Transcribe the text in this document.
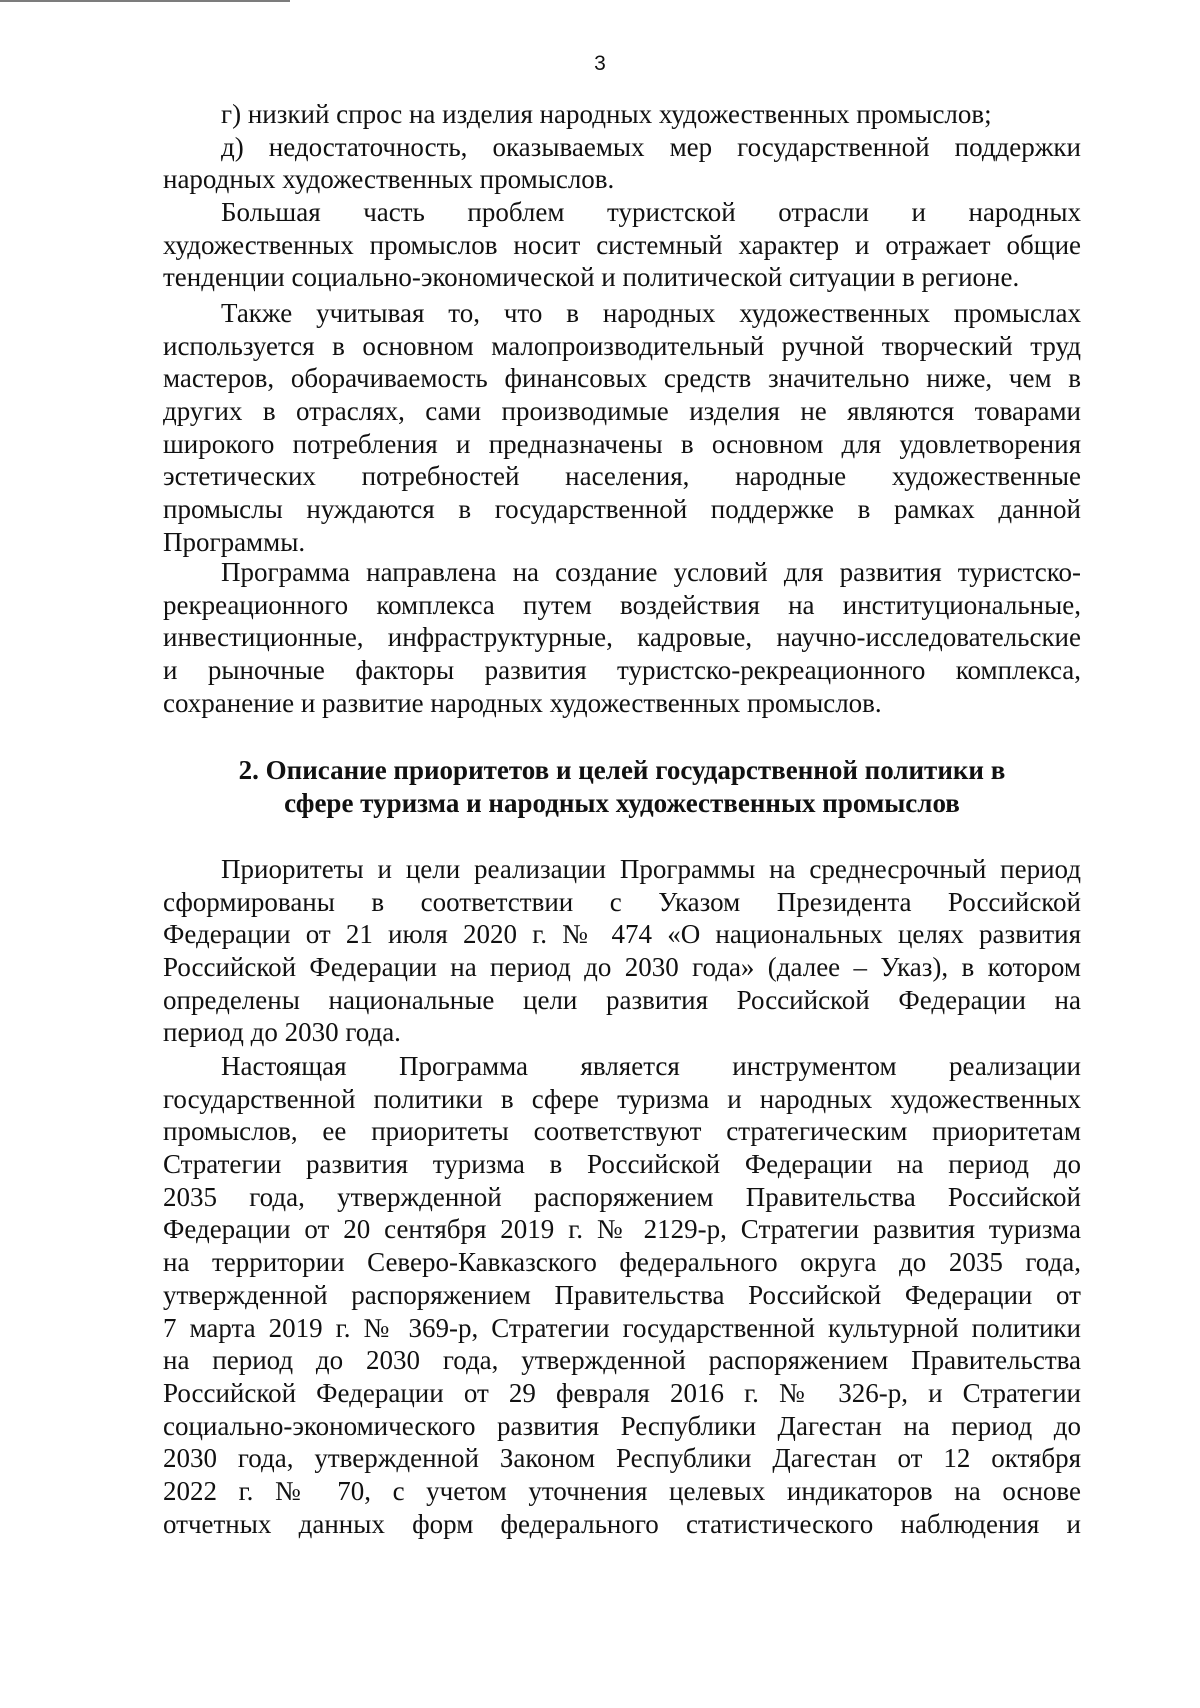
3
г) низкий спрос на изделия народных художественных промыслов;
д) недостаточность, оказываемых мер государственной поддержки
народных художественных промыслов.
Большая часть проблем туристской отрасли и народных
художественных промыслов носит системный характер и отражает общие
тенденции социально-экономической и политической ситуации в регионе.
Также учитывая то, что в народных художественных промыслах
используется в основном малопроизводительный ручной творческий труд
мастеров, оборачиваемость финансовых средств значительно ниже, чем в
других в отраслях, сами производимые изделия не являются товарами
широкого потребления и предназначены в основном для удовлетворения
эстетических потребностей населения, народные художественные
промыслы нуждаются в государственной поддержке в рамках данной
Программы.
Программа направлена на создание условий для развития туристско-
рекреационного комплекса путем воздействия на институциональные,
инвестиционные, инфраструктурные, кадровые, научно-исследовательские
и рыночные факторы развития туристско-рекреационного комплекса,
сохранение и развитие народных художественных промыслов.
2. Описание приоритетов и целей государственной политики в
сфере туризма и народных художественных промыслов
Приоритеты и цели реализации Программы на среднесрочный период
сформированы в соответствии с Указом Президента Российской
Федерации от 21 июля 2020 г. № 474 «О национальных целях развития
Российской Федерации на период до 2030 года» (далее – Указ), в котором
определены национальные цели развития Российской Федерации на
период до 2030 года.
Настоящая Программа является инструментом реализации
государственной политики в сфере туризма и народных художественных
промыслов, ее приоритеты соответствуют стратегическим приоритетам
Стратегии развития туризма в Российской Федерации на период до
2035 года, утвержденной распоряжением Правительства Российской
Федерации от 20 сентября 2019 г. № 2129-р, Стратегии развития туризма
на территории Северо-Кавказского федерального округа до 2035 года,
утвержденной распоряжением Правительства Российской Федерации от
7 марта 2019 г. № 369-р, Стратегии государственной культурной политики
на период до 2030 года, утвержденной распоряжением Правительства
Российской Федерации от 29 февраля 2016 г. № 326-р, и Стратегии
социально-экономического развития Республики Дагестан на период до
2030 года, утвержденной Законом Республики Дагестан от 12 октября
2022 г. № 70, с учетом уточнения целевых индикаторов на основе
отчетных данных форм федерального статистического наблюдения и
